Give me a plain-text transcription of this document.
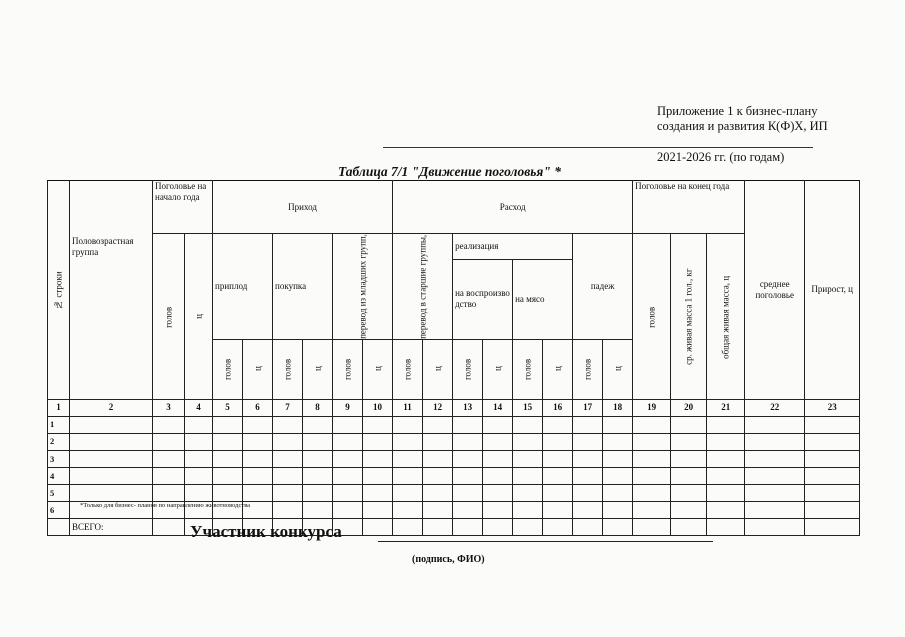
Приложение 1 к бизнес-плану
создания и развития К(Ф)Х, ИП
2021-2026 гг. (по годам)
Таблица 7/1 "Движение поголовья" *
№ строки	Половозрастная группа	Поголовье на начало года		Приход						Расход								Поголовье на конец года			среднее поголовье	Прирост, ц
		голов	ц	приплод		покупка		перевод из младших групп,		перевод в старшие группы,		реализация				падеж		голов	ср. живая масса 1 гол., кг	общая живая масса, ц		
												на воспроизво дство		на мясо								
				голов	ц	голов	ц	голов	ц	голов	ц	голов	ц	голов	ц	голов	ц					
1	2	3	4	5	6	7	8	9	10	11	12	13	14	15	16	17	18	19	20	21	22	23
1																						
2																						
3																						
4																						
5																						
6																						
	ВСЕГО:																					
*Только для бизнес- планов по направлению животноводства
Участник конкурса
(подпись, ФИО)
